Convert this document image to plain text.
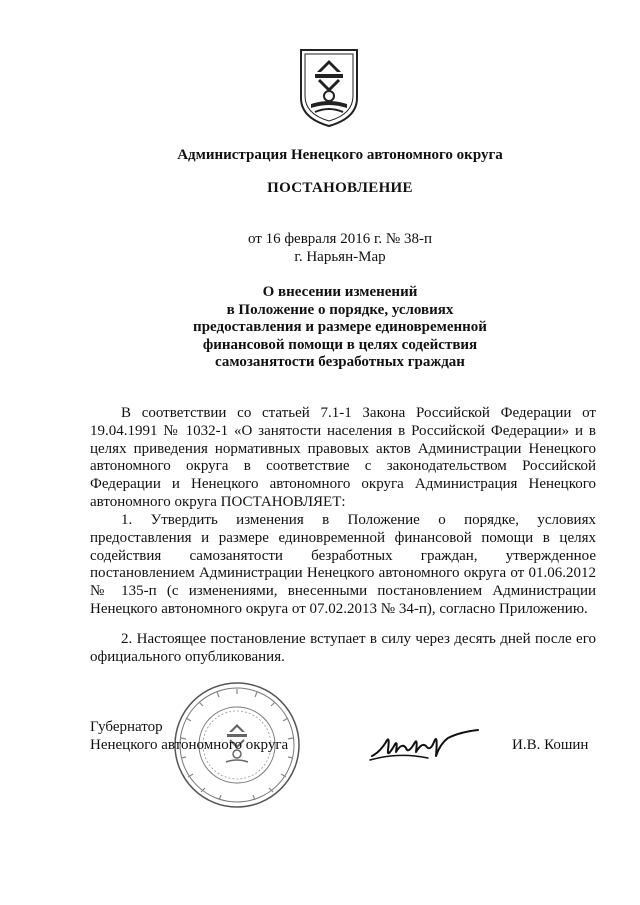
Администрация Ненецкого автономного округа
ПОСТАНОВЛЕНИЕ
от 16 февраля 2016 г. № 38-п
г. Нарьян-Мар
О внесении изменений
в Положение о порядке, условиях
предоставления и размере единовременной
финансовой помощи в целях содействия
самозанятости безработных граждан
В соответствии со статьей 7.1-1 Закона Российской Федерации от 19.04.1991 № 1032-1 «О занятости населения в Российской Федерации» и в целях приведения нормативных правовых актов Администрации Ненецкого автономного округа в соответствие с законодательством Российской Федерации и Ненецкого автономного округа Администрация Ненецкого автономного округа ПОСТАНОВЛЯЕТ:
1. Утвердить изменения в Положение о порядке, условиях предоставления и размере единовременной финансовой помощи в целях содействия самозанятости безработных граждан, утвержденное постановлением Администрации Ненецкого автономного округа от 01.06.2012 № 135-п (с изменениями, внесенными постановлением Администрации Ненецкого автономного округа от 07.02.2013 № 34-п), согласно Приложению.
2. Настоящее постановление вступает в силу через десять дней после его официального опубликования.
Губернатор
Ненецкого автономного округа	И.В. Кошин
